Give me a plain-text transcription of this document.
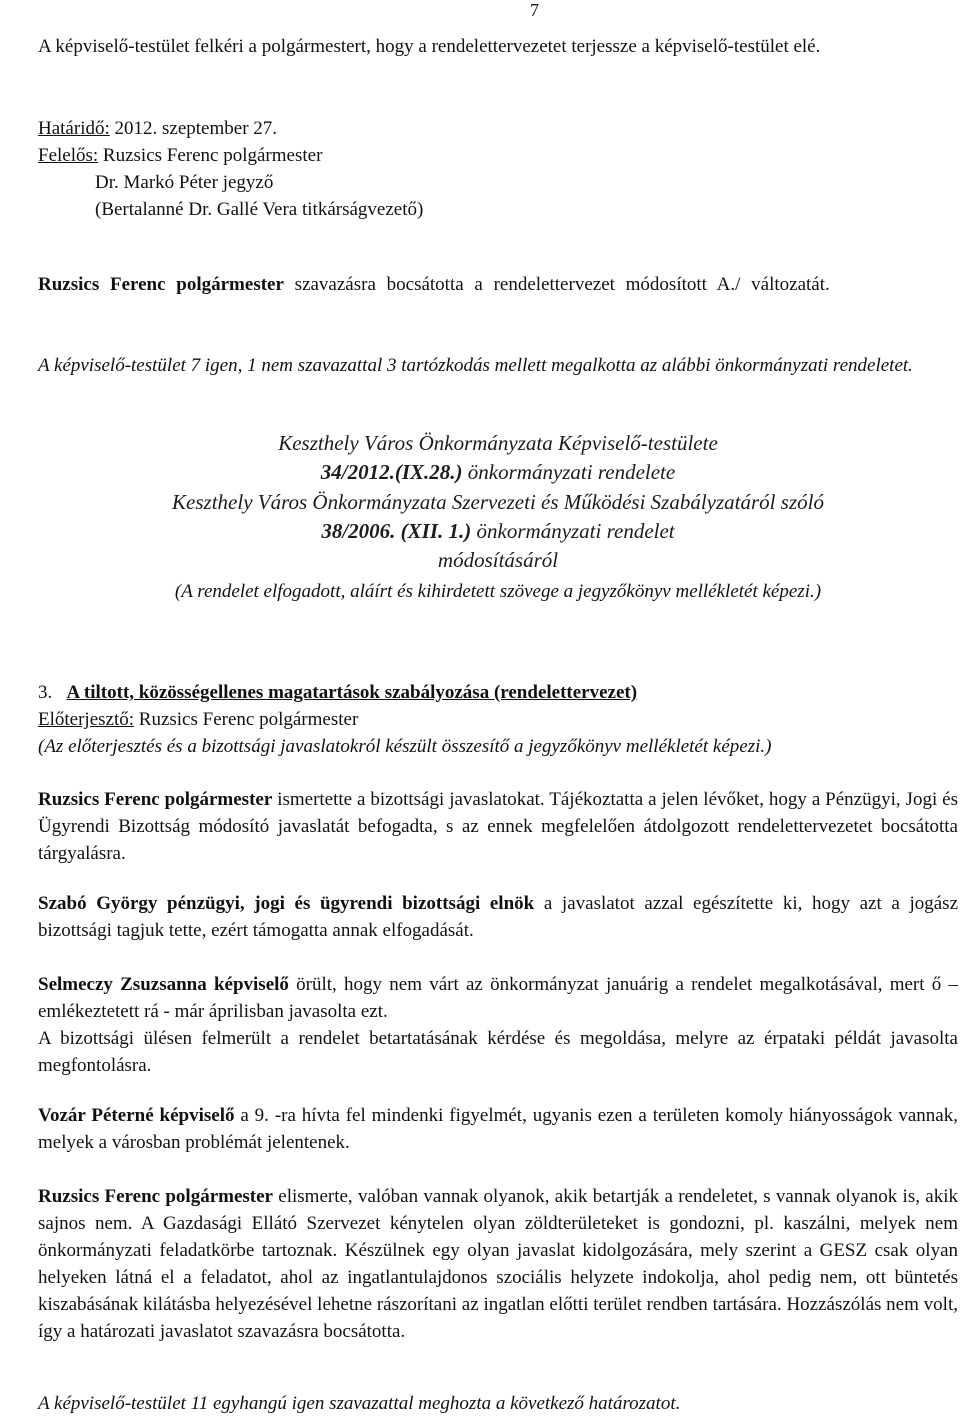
7
A képviselő-testület felkéri a polgármestert, hogy a rendelettervezetet terjessze a képviselő-testület elé.
Határidő: 2012. szeptember 27.
Felelős: Ruzsics Ferenc polgármester
Dr. Markó Péter jegyző
(Bertalanné Dr. Gallé Vera titkárságvezető)
Ruzsics Ferenc polgármester szavazásra bocsátotta a rendelettervezet módosított A./ változatát.
A képviselő-testület 7 igen, 1 nem szavazattal 3 tartózkodás mellett megalkotta az alábbi önkormányzati rendeletet.
Keszthely Város Önkormányzata Képviselő-testülete
34/2012.(IX.28.) önkormányzati rendelete
Keszthely Város Önkormányzata Szervezeti és Működési Szabályzatáról szóló
38/2006. (XII. 1.) önkormányzati rendelet
módosításáról
(A rendelet elfogadott, aláírt és kihirdetett szövege a jegyzőkönyv mellékletét képezi.)
3. A tiltott, közösségellenes magatartások szabályozása (rendelettervezet)
Előterjesztő: Ruzsics Ferenc polgármester
(Az előterjesztés és a bizottsági javaslatokról készült összesítő a jegyzőkönyv mellékletét képezi.)
Ruzsics Ferenc polgármester ismertette a bizottsági javaslatokat. Tájékoztatta a jelen lévőket, hogy a Pénzügyi, Jogi és Ügyrendi Bizottság módosító javaslatát befogadta, s az ennek megfelelően átdolgozott rendelettervezetet bocsátotta tárgyalásra.
Szabó György pénzügyi, jogi és ügyrendi bizottsági elnök a javaslatot azzal egészítette ki, hogy azt a jogász bizottsági tagjuk tette, ezért támogatta annak elfogadását.
Selmeczy Zsuzsanna képviselő örült, hogy nem várt az önkormányzat januárig a rendelet megalkotásával, mert ő – emlékeztetett rá - már áprilisban javasolta ezt.
A bizottsági ülésen felmerült a rendelet betartatásának kérdése és megoldása, melyre az érpataki példát javasolta megfontolásra.
Vozár Péterné képviselő a 9. -ra hívta fel mindenki figyelmét, ugyanis ezen a területen komoly hiányosságok vannak, melyek a városban problémát jelentenek.
Ruzsics Ferenc polgármester elismerte, valóban vannak olyanok, akik betartják a rendeletet, s vannak olyanok is, akik sajnos nem. A Gazdasági Ellátó Szervezet kénytelen olyan zöldterületeket is gondozni, pl. kaszálni, melyek nem önkormányzati feladatkörbe tartoznak. Készülnek egy olyan javaslat kidolgozására, mely szerint a GESZ csak olyan helyeken látná el a feladatot, ahol az ingatlantulajdonos szociális helyzete indokolja, ahol pedig nem, ott büntetés kiszabásának kilátásba helyezésével lehetne rászorítani az ingatlan előtti terület rendben tartására. Hozzászólás nem volt, így a határozati javaslatot szavazásra bocsátotta.
A képviselő-testület 11 egyhangú igen szavazattal meghozta a következő határozatot.
